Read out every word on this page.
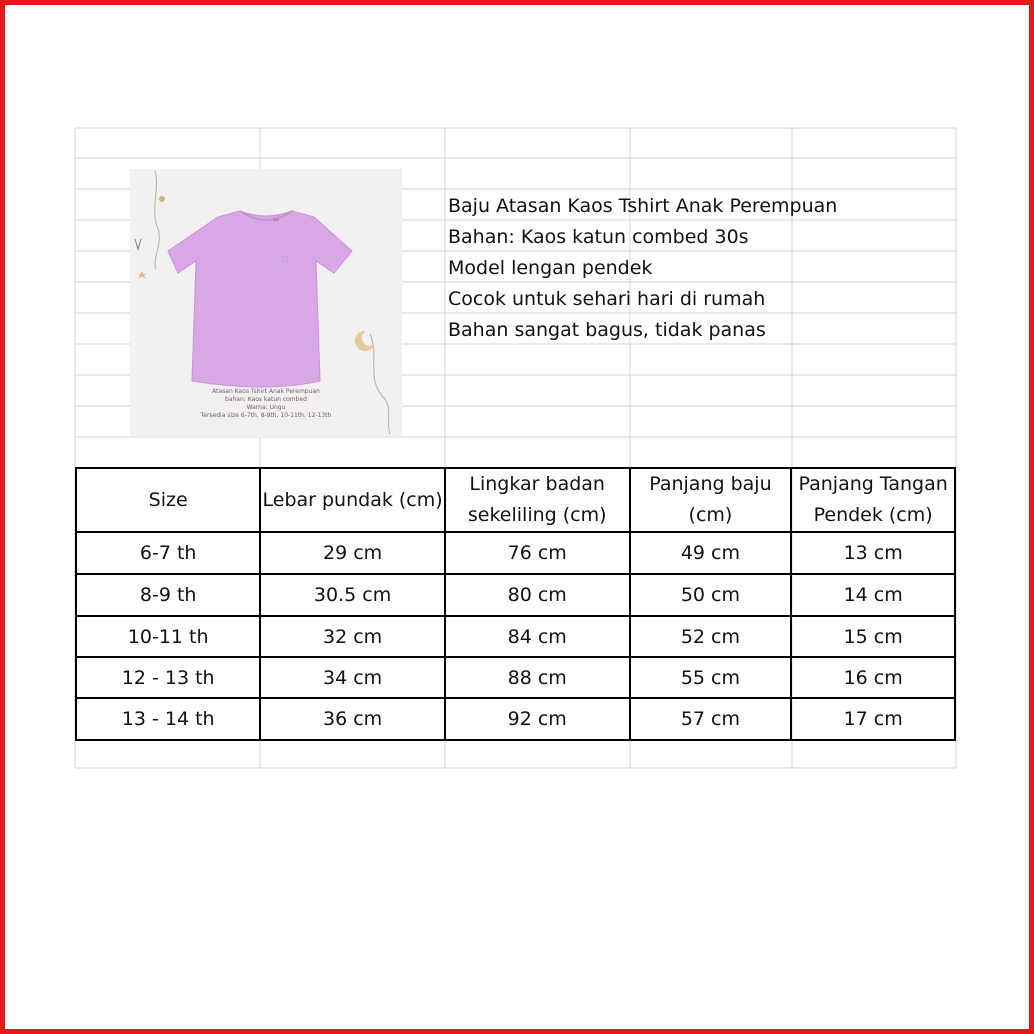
Atasan Kaos Tshirt Anak Perempuan
bahan: Kaos katun combed
Warna: Ungu
Tersedia size 6-7th, 8-9th, 10-11th, 12-13th
Baju Atasan Kaos Tshirt Anak Perempuan
Bahan: Kaos katun combed 30s
Model lengan pendek
Cocok untuk sehari hari di rumah
Bahan sangat bagus, tidak panas
Size	Lebar pundak (cm)	Lingkar badan sekeliling (cm)	Panjang baju (cm)	Panjang Tangan Pendek (cm)
6-7 th	29 cm	76 cm	49 cm	13 cm
8-9 th	30.5 cm	80 cm	50 cm	14 cm
10-11 th	32 cm	84 cm	52 cm	15 cm
12 - 13 th	34 cm	88 cm	55 cm	16 cm
13 - 14 th	36 cm	92 cm	57 cm	17 cm
